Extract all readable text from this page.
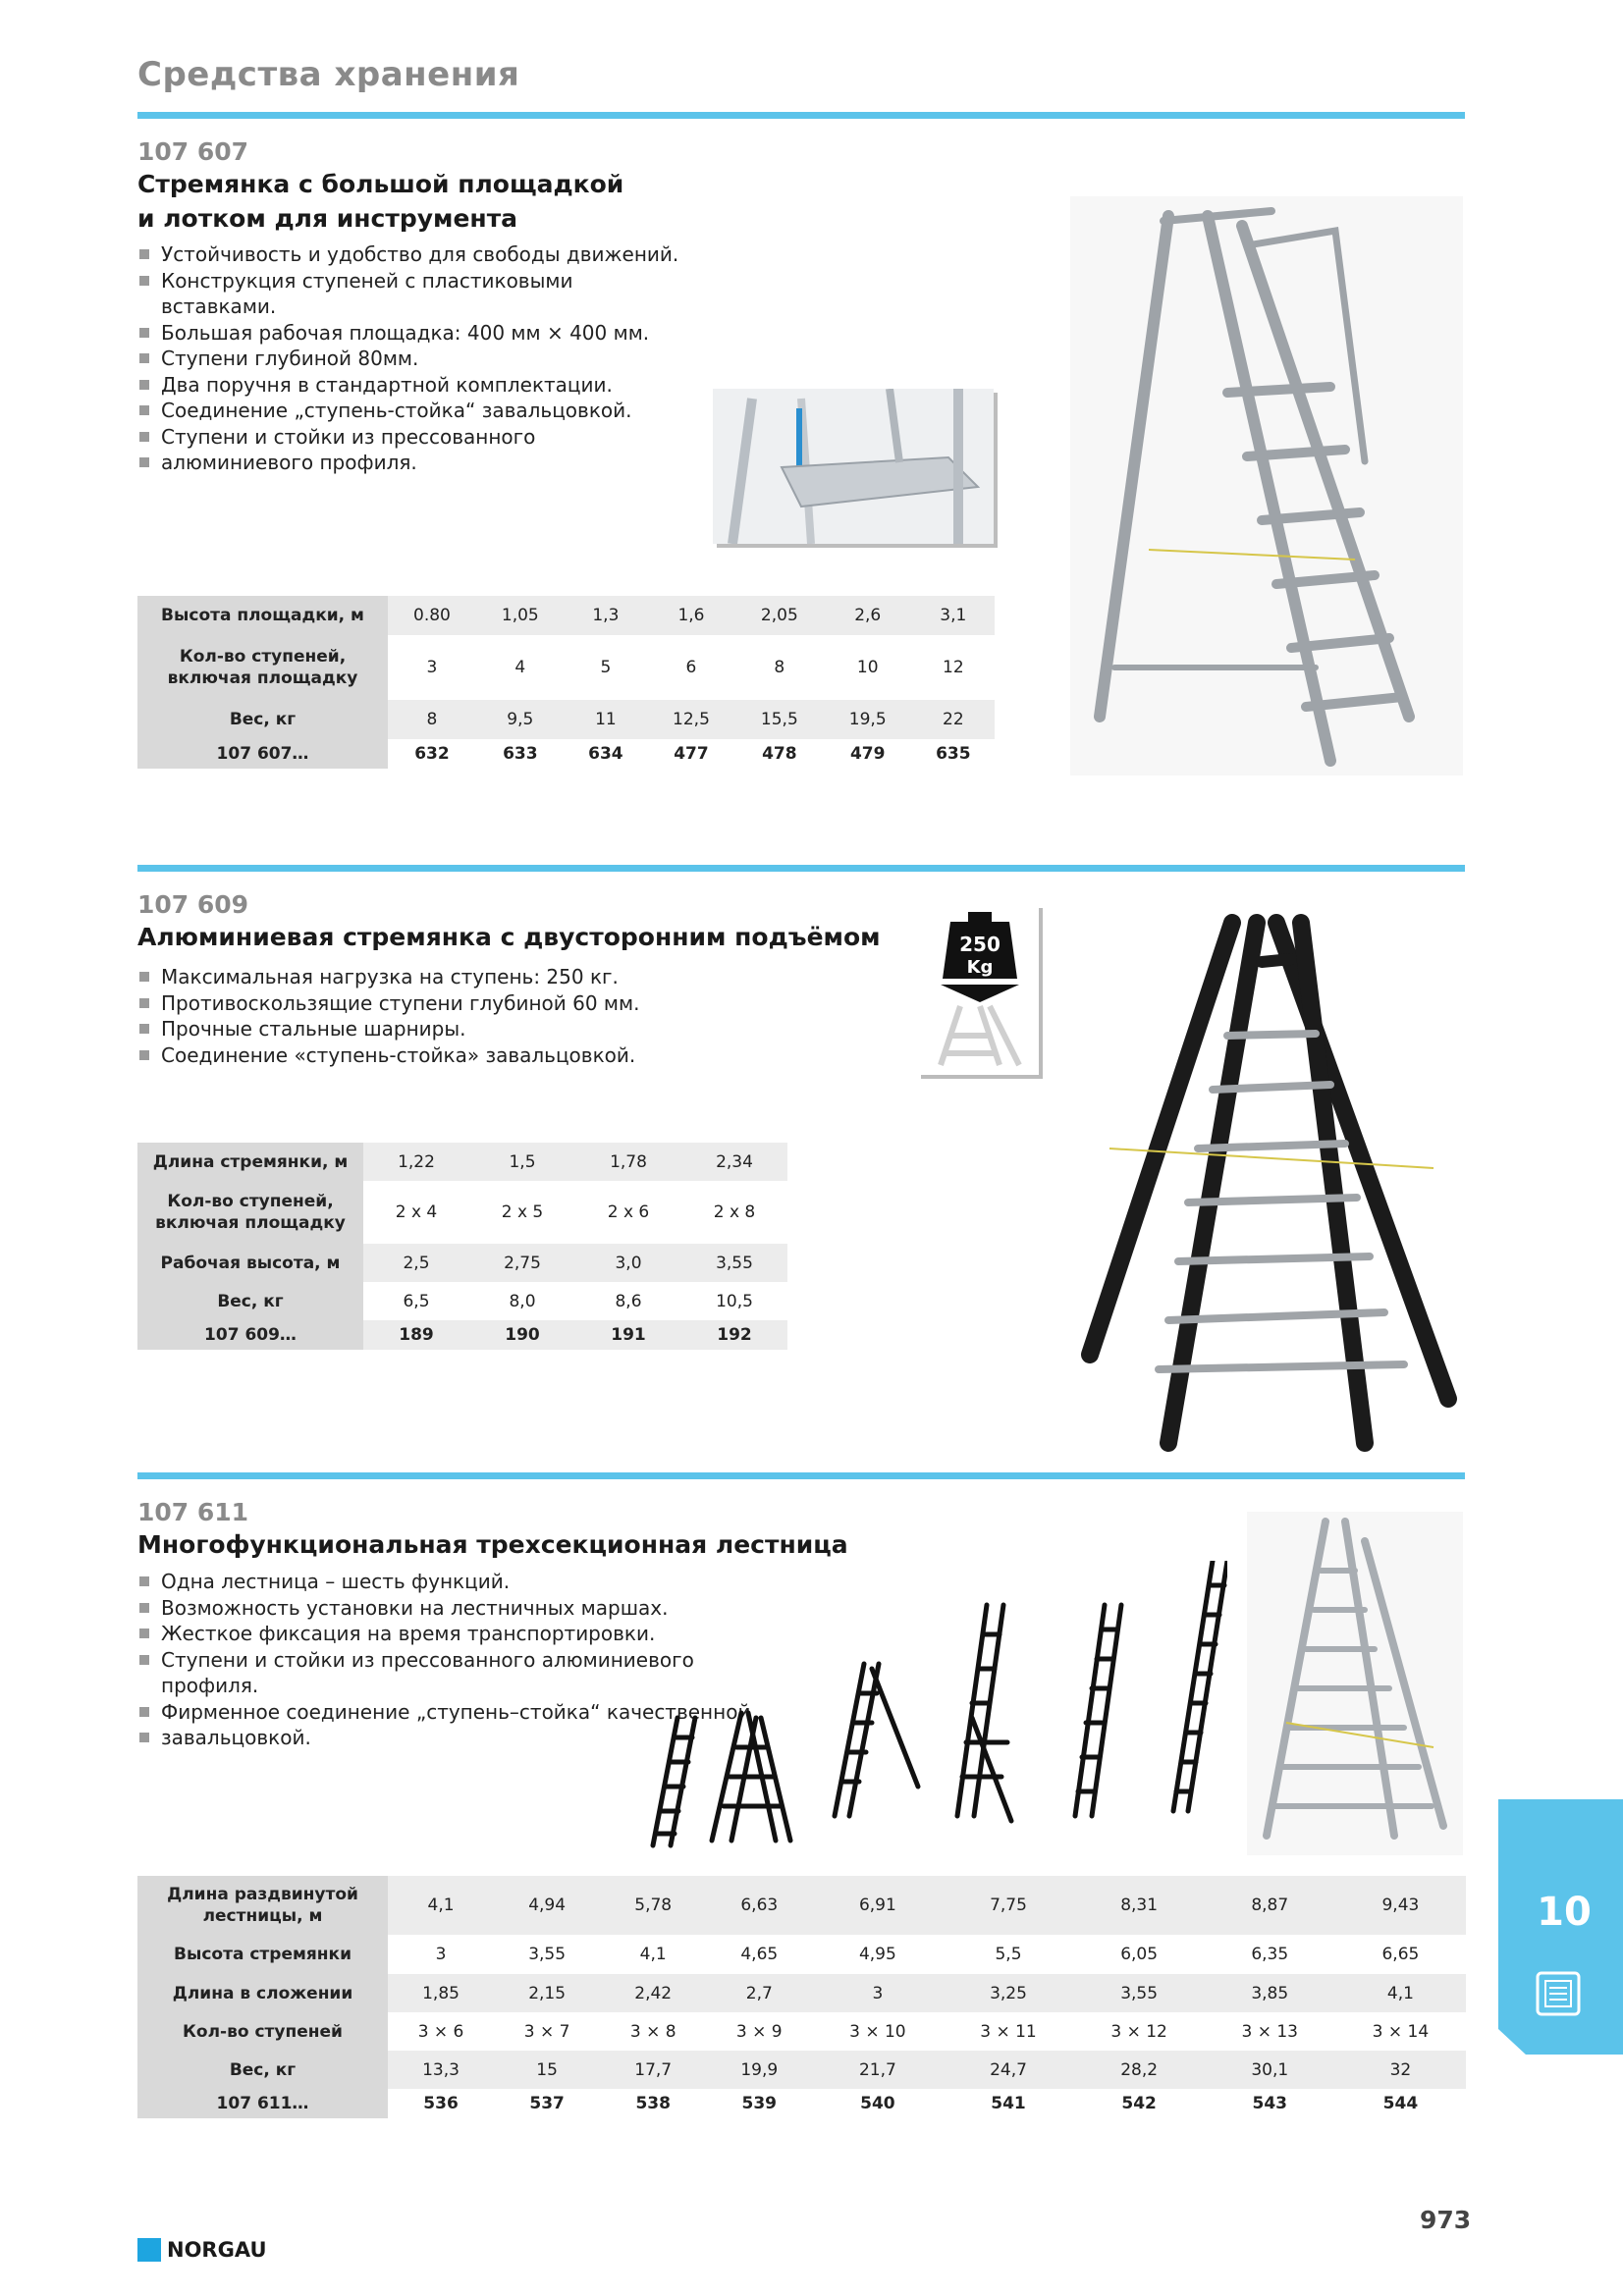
Средства хранения
107 607
Стремянка с большой площадкой
и лотком для инструмента
Устойчивость и удобство для свободы движений.
Конструкция ступеней с пластиковыми вставками.
Большая рабочая площадка: 400 мм × 400 мм.
Ступени глубиной 80мм.
Два поручня в стандартной комплектации.
Соединение „ступень-стойка“ завальцовкой.
Ступени и стойки из прессованного
алюминиевого профиля.
Высота площадки, м	0.80	1,05	1,3	1,6	2,05	2,6	3,1
Кол-во ступеней, включая площадку	3	4	5	6	8	10	12
Вес, кг	8	9,5	11	12,5	15,5	19,5	22
107 607…	632	633	634	477	478	479	635
107 609
Алюминиевая стремянка с двусторонним подъёмом
Максимальная нагрузка на ступень: 250 кг.
Противоскользящие ступени глубиной 60 мм.
Прочные стальные шарниры.
Соединение «ступень-стойка» завальцовкой.
250
Kg
Длина стремянки, м	1,22	1,5	1,78	2,34
Кол-во ступеней, включая площадку	2 x 4	2 x 5	2 x 6	2 x 8
Рабочая высота, м	2,5	2,75	3,0	3,55
Вес, кг	6,5	8,0	8,6	10,5
107 609…	189	190	191	192
107 611
Многофункциональная трехсекционная лестница
Одна лестница – шесть функций.
Возможность установки на лестничных маршах.
Жесткое фиксация на время транспортировки.
Ступени и стойки из прессованного алюминиевого профиля.
Фирменное соединение „ступень–стойка“ качественной
завальцовкой.
Длина раздвинутой лестницы, м	4,1	4,94	5,78	6,63	6,91	7,75	8,31	8,87	9,43
Высота стремянки	3	3,55	4,1	4,65	4,95	5,5	6,05	6,35	6,65
Длина в сложении	1,85	2,15	2,42	2,7	3	3,25	3,55	3,85	4,1
Кол-во ступеней	3 × 6	3 × 7	3 × 8	3 × 9	3 × 10	3 × 11	3 × 12	3 × 13	3 × 14
Вес, кг	13,3	15	17,7	19,9	21,7	24,7	28,2	30,1	32
107 611…	536	537	538	539	540	541	542	543	544
10
NORGAU
973
